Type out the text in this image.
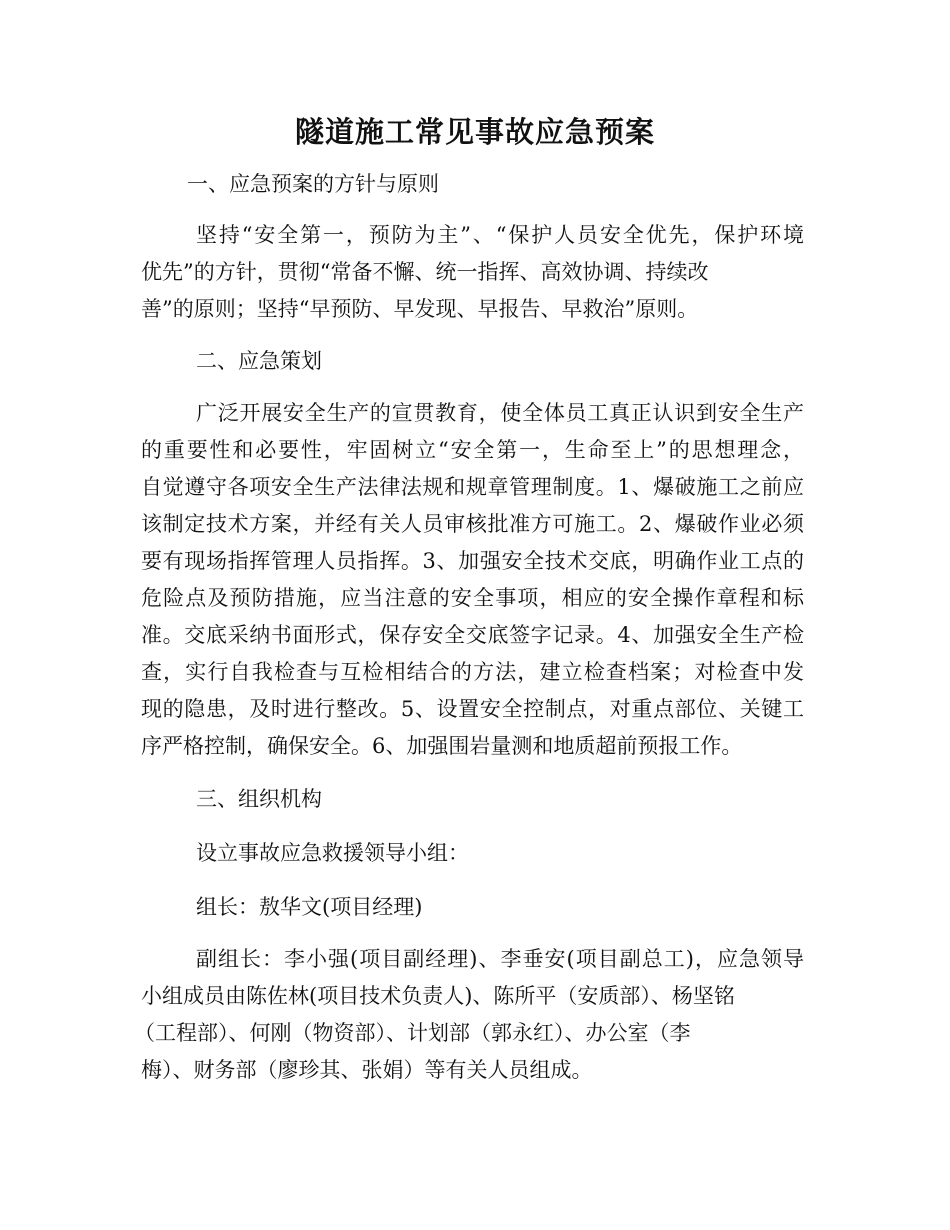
隧道施工常见事故应急预案
一、应急预案的方针与原则
坚持“安全第一，预防为主”、“保护人员安全优先，保护环境
优先”的方针，贯彻“常备不懈、统一指挥、高效协调、持续改
善”的原则；坚持“早预防、早发现、早报告、早救治”原则。
二、应急策划
广泛开展安全生产的宣贯教育，使全体员工真正认识到安全生产
的重要性和必要性，牢固树立“安全第一，生命至上”的思想理念，
自觉遵守各项安全生产法律法规和规章管理制度。1、爆破施工之前应
该制定技术方案，并经有关人员审核批准方可施工。2、爆破作业必须
要有现场指挥管理人员指挥。3、加强安全技术交底，明确作业工点的
危险点及预防措施，应当注意的安全事项，相应的安全操作章程和标
准。交底采纳书面形式，保存安全交底签字记录。4、加强安全生产检
查，实行自我检查与互检相结合的方法，建立检查档案；对检查中发
现的隐患，及时进行整改。5、设置安全控制点，对重点部位、关键工
序严格控制，确保安全。6、加强围岩量测和地质超前预报工作。
三、组织机构
设立事故应急救援领导小组：
组长：敖华文(项目经理)
副组长：李小强(项目副经理)、李垂安(项目副总工)，应急领导
小组成员由陈佐林(项目技术负责人)、陈所平（安质部）、杨坚铭
（工程部）、何刚（物资部）、计划部（郭永红）、办公室（李
梅）、财务部（廖珍其、张娟）等有关人员组成。
